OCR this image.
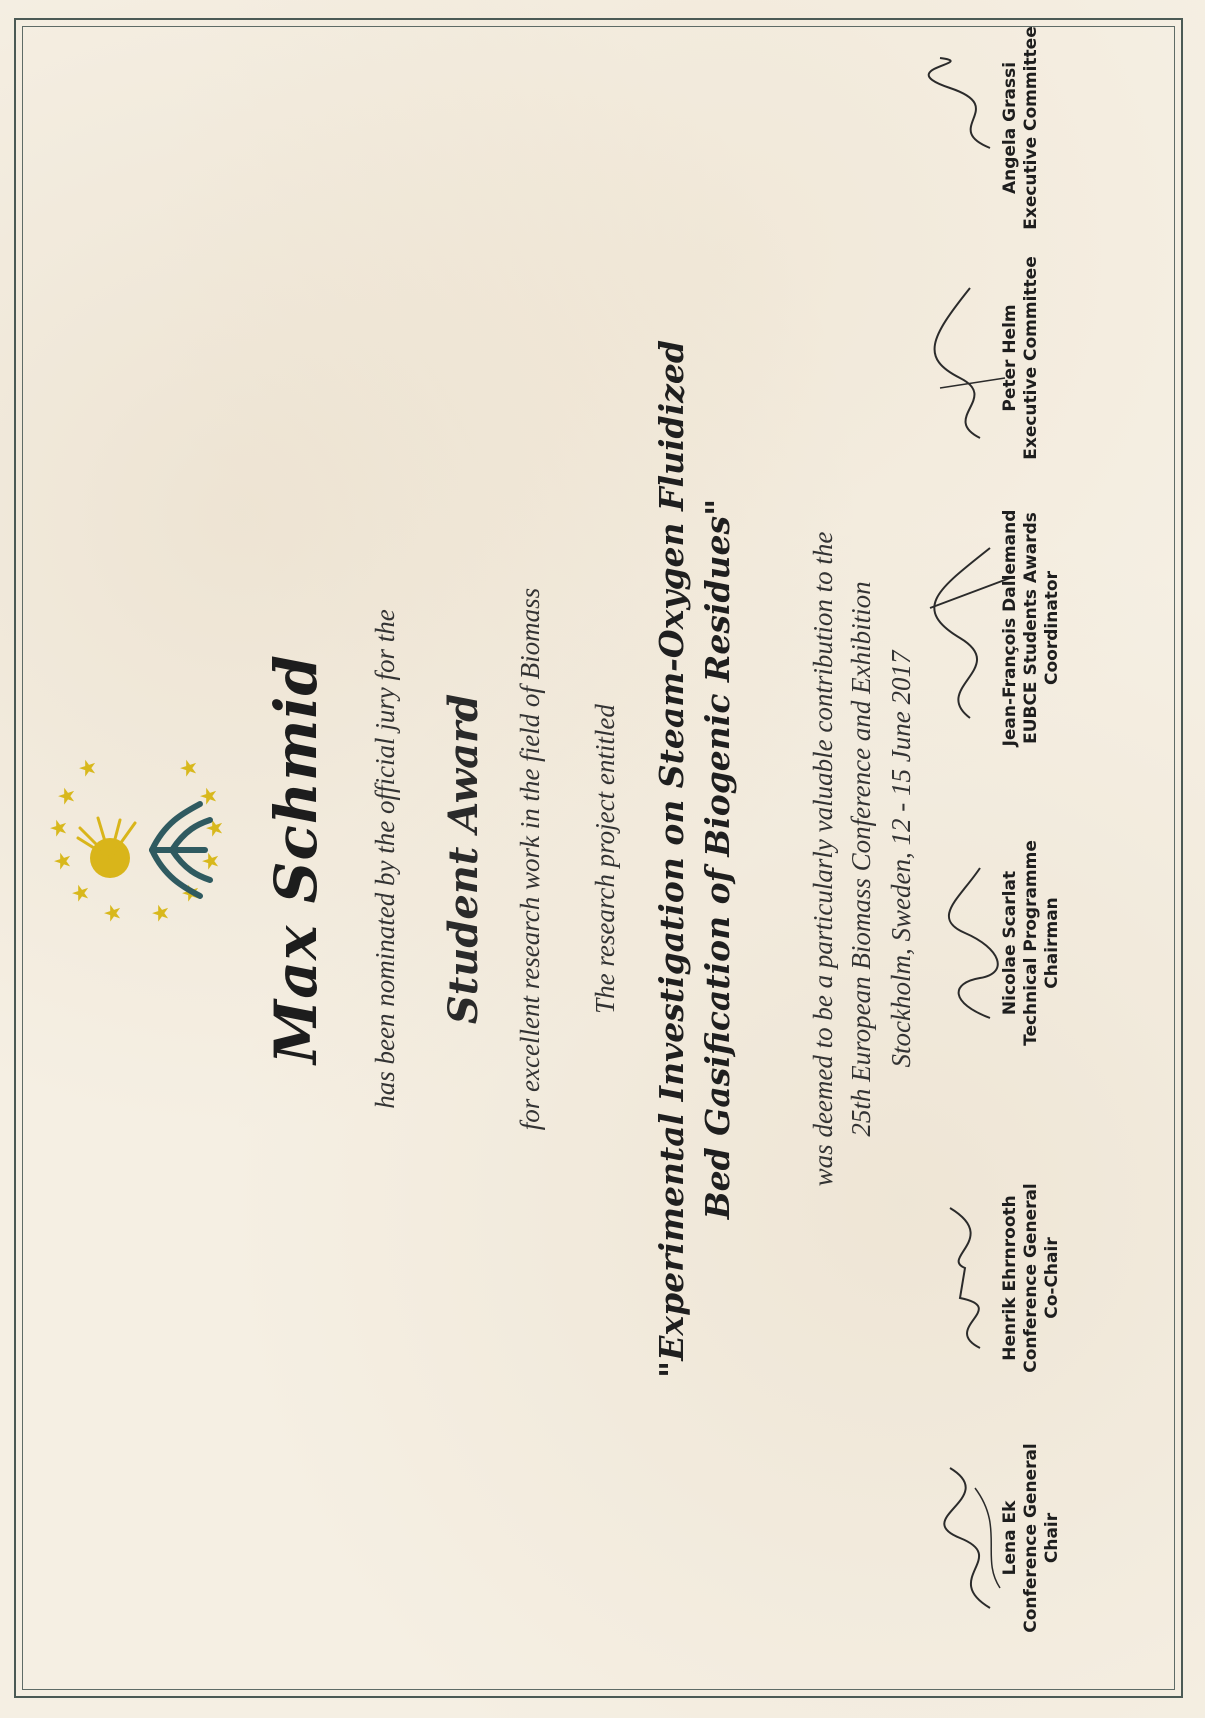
★
★
★
★
★
★
★
★
★
★
★
★ Max Schmid has been nominated by the official jury for the Student Award for excellent research work in the field of Biomass The research project entitled "Experimental Investigation on Steam-Oxygen Fluidized Bed Gasification of Biogenic Residues"	was deemed to be a particularly valuable contribution to the 25th European Biomass Conference and Exhibition Stockholm, Sweden, 12 - 15 June 2017
Lena Ek Conference General Chair
Henrik Ehrnrooth Conference General Co-Chair
Nicolae Scarlat Technical Programme Chairman
Jean-François Dallemand EUBCE Students Awards Coordinator
Peter Helm Executive Committee
Angela Grassi Executive Committee
